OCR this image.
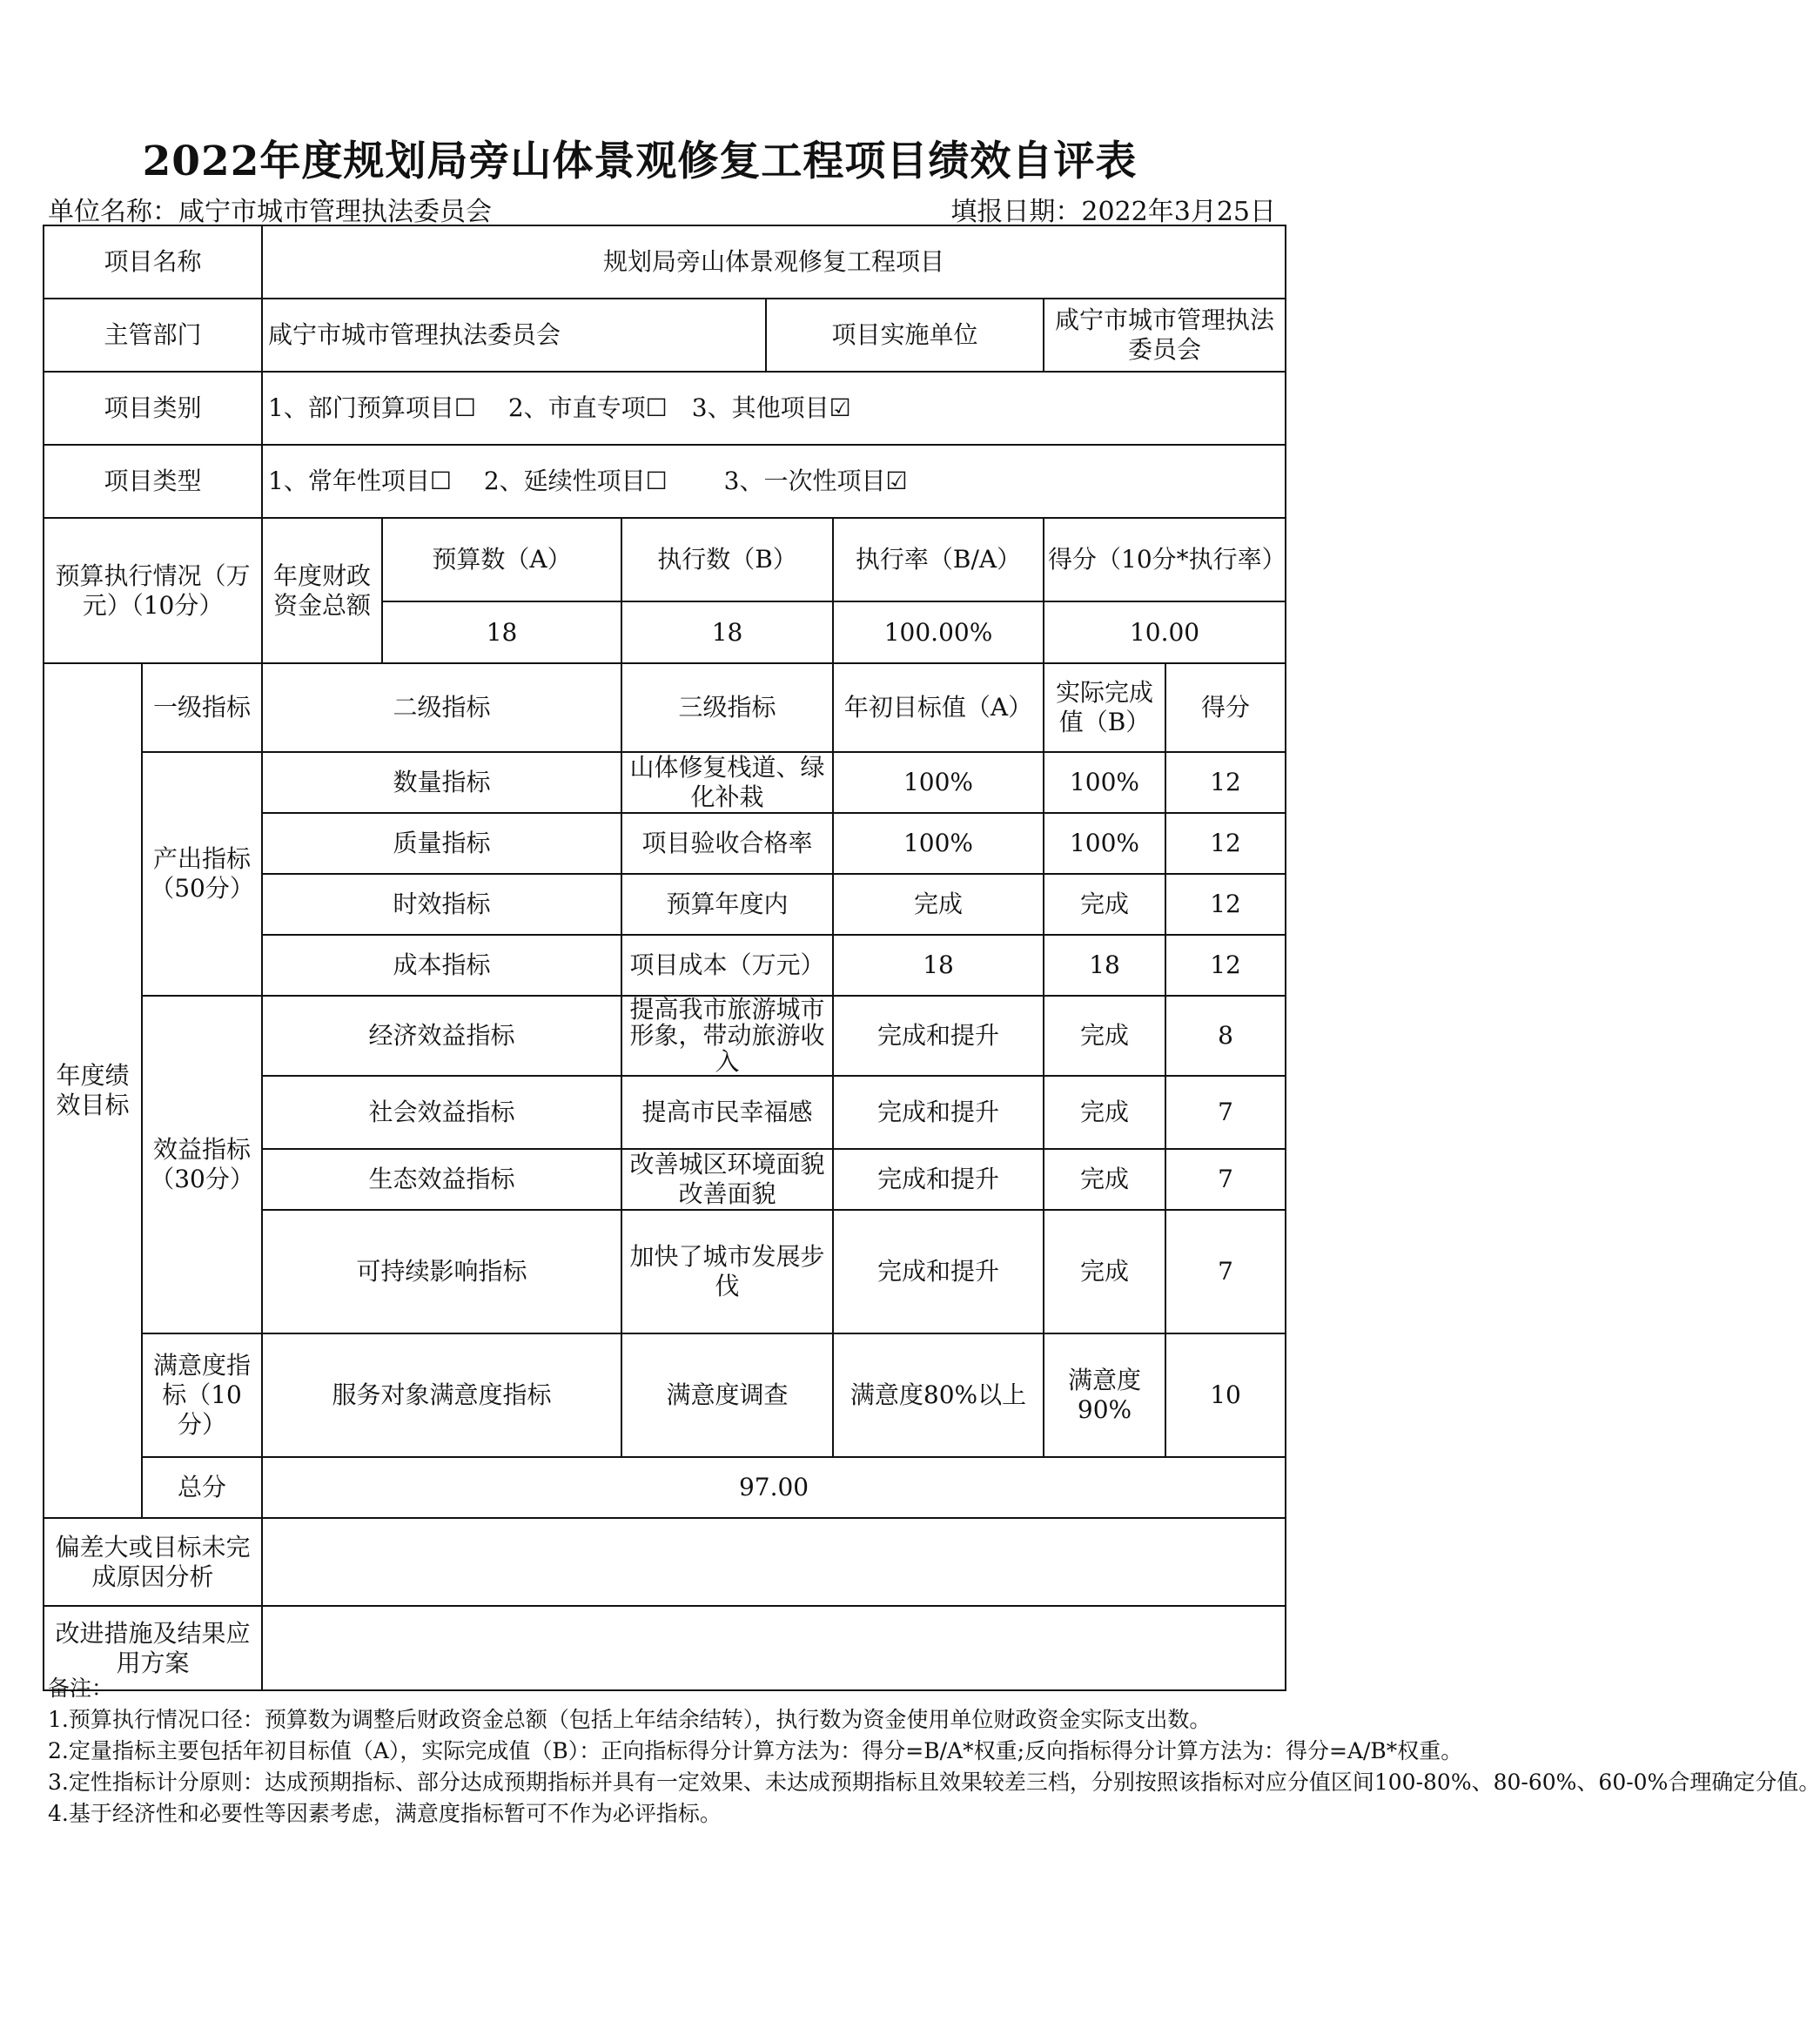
2022年度规划局旁山体景观修复工程项目绩效自评表
单位名称：咸宁市城市管理执法委员会	填报日期：2022年3月25日
项目名称		规划局旁山体景观修复工程项目						
主管部门		咸宁市城市管理执法委员会			项目实施单位		咸宁市城市管理执法委员会	
项目类别		1、部门预算项目☐　 2、市直专项☐　3、其他项目☑						
项目类型		1、常年性项目☐　 2、延续性项目☐　　 3、一次性项目☑						
预算执行情况（万元）（10分）		年度财政资金总额	预算数（A）	执行数（B）		执行率（B/A）	得分（10分*执行率）	
			18	18		100.00%	10.00	
年度绩效目标	一级指标	二级指标		三级指标		年初目标值（A）	实际完成值（B）	得分
	产出指标（50分）	数量指标		山体修复栈道、绿化补栽		100%	100%	12
		质量指标		项目验收合格率		100%	100%	12
		时效指标		预算年度内		完成	完成	12
		成本指标		项目成本（万元）		18	18	12
	效益指标（30分）	经济效益指标		提高我市旅游城市形象，带动旅游收入		完成和提升	完成	8
		社会效益指标		提高市民幸福感		完成和提升	完成	7
		生态效益指标		改善城区环境面貌改善面貌		完成和提升	完成	7
		可持续影响指标		加快了城市发展步伐		完成和提升	完成	7
	满意度指标（10分）	服务对象满意度指标		满意度调查		满意度80%以上	满意度90%	10
	总分	97.00						
偏差大或目标未完成原因分析								
改进措施及结果应用方案								
备注：
1.预算执行情况口径：预算数为调整后财政资金总额（包括上年结余结转），执行数为资金使用单位财政资金实际支出数。
2.定量指标主要包括年初目标值（A），实际完成值（B）：正向指标得分计算方法为：得分=B/A*权重;反向指标得分计算方法为：得分=A/B*权重。
3.定性指标计分原则：达成预期指标、部分达成预期指标并具有一定效果、未达成预期指标且效果较差三档，分别按照该指标对应分值区间100-80%、80-60%、60-0%合理确定分值。
4.基于经济性和必要性等因素考虑，满意度指标暂可不作为必评指标。
